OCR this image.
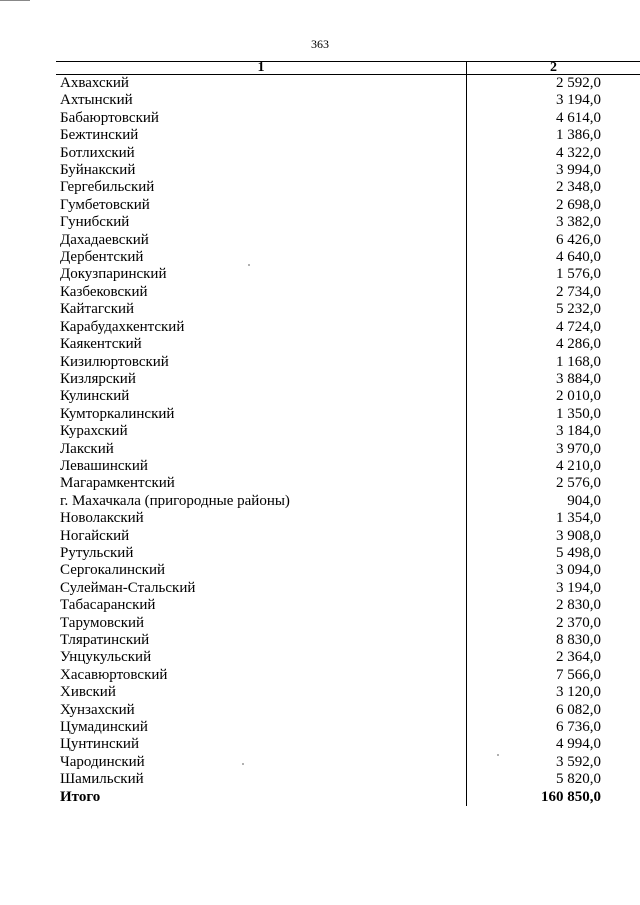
363
1	2
Ахвахский	2 592,0
Ахтынский	3 194,0
Бабаюртовский	4 614,0
Бежтинский	1 386,0
Ботлихский	4 322,0
Буйнакский	3 994,0
Гергебильский	2 348,0
Гумбетовский	2 698,0
Гунибский	3 382,0
Дахадаевский	6 426,0
Дербентский	4 640,0
Докузпаринский	1 576,0
Казбековский	2 734,0
Кайтагский	5 232,0
Карабудахкентский	4 724,0
Каякентский	4 286,0
Кизилюртовский	1 168,0
Кизлярский	3 884,0
Кулинский	2 010,0
Кумторкалинский	1 350,0
Курахский	3 184,0
Лакский	3 970,0
Левашинский	4 210,0
Магарамкентский	2 576,0
г. Махачкала (пригородные районы)	904,0
Новолакский	1 354,0
Ногайский	3 908,0
Рутульский	5 498,0
Сергокалинский	3 094,0
Сулейман-Стальский	3 194,0
Табасаранский	2 830,0
Тарумовский	2 370,0
Тляратинский	8 830,0
Унцукульский	2 364,0
Хасавюртовский	7 566,0
Хивский	3 120,0
Хунзахский	6 082,0
Цумадинский	6 736,0
Цунтинский	4 994,0
Чародинский	3 592,0
Шамильский	5 820,0
Итого	160 850,0
